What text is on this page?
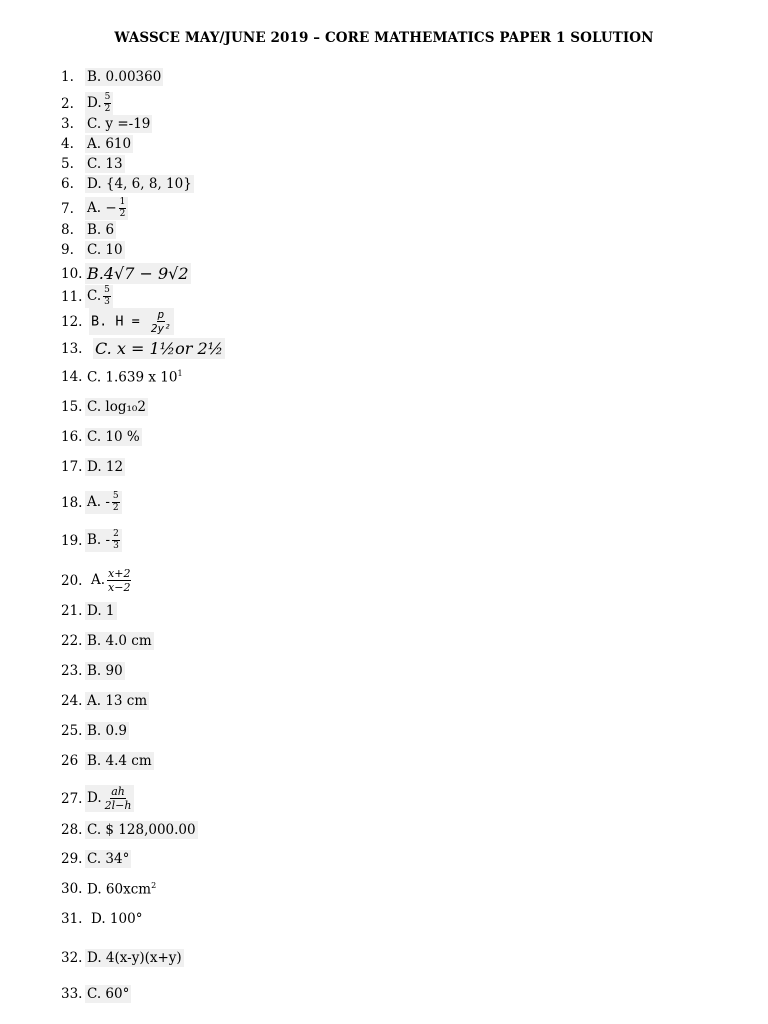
WASSCE MAY/JUNE 2019 – CORE MATHEMATICS PAPER 1 SOLUTION
1. B. 0.00360
2. D. $\frac{5}{2}$
3. C. y =-19
4. A. 610
5. C. 13
6. D. {4, 6, 8, 10}
7. A. − $\frac{1}{2}$
8. B. 6
9. C. 10
10. B.4√7 − 9√2
11. C. $\frac{5}{3}$
12. B. $H = \frac{p}{\text{2y²}}$
13. C. x = 1½or 2½
14. C. 1.639 x $10^1$
15. C. log₁₀2
16. C. 10 %
17. D. 12
18. A. - $\frac{5}{2}$
19. B. - $\frac{2}{3}$
20. A. $\frac{x+2}{x-2}$
21. D. 1
22. B. 4.0 cm
23. B. 90
24. A. 13 cm
25. B. 0.9
26 B. 4.4 cm
27. D. $\frac{ah}{2l-h}$
28. C. $ 128,000.00
29. C. 34°
30. D. 60xcm$^2$
31. D. 100°
32. D. 4(x-y)(x+y)
33. C. 60°
